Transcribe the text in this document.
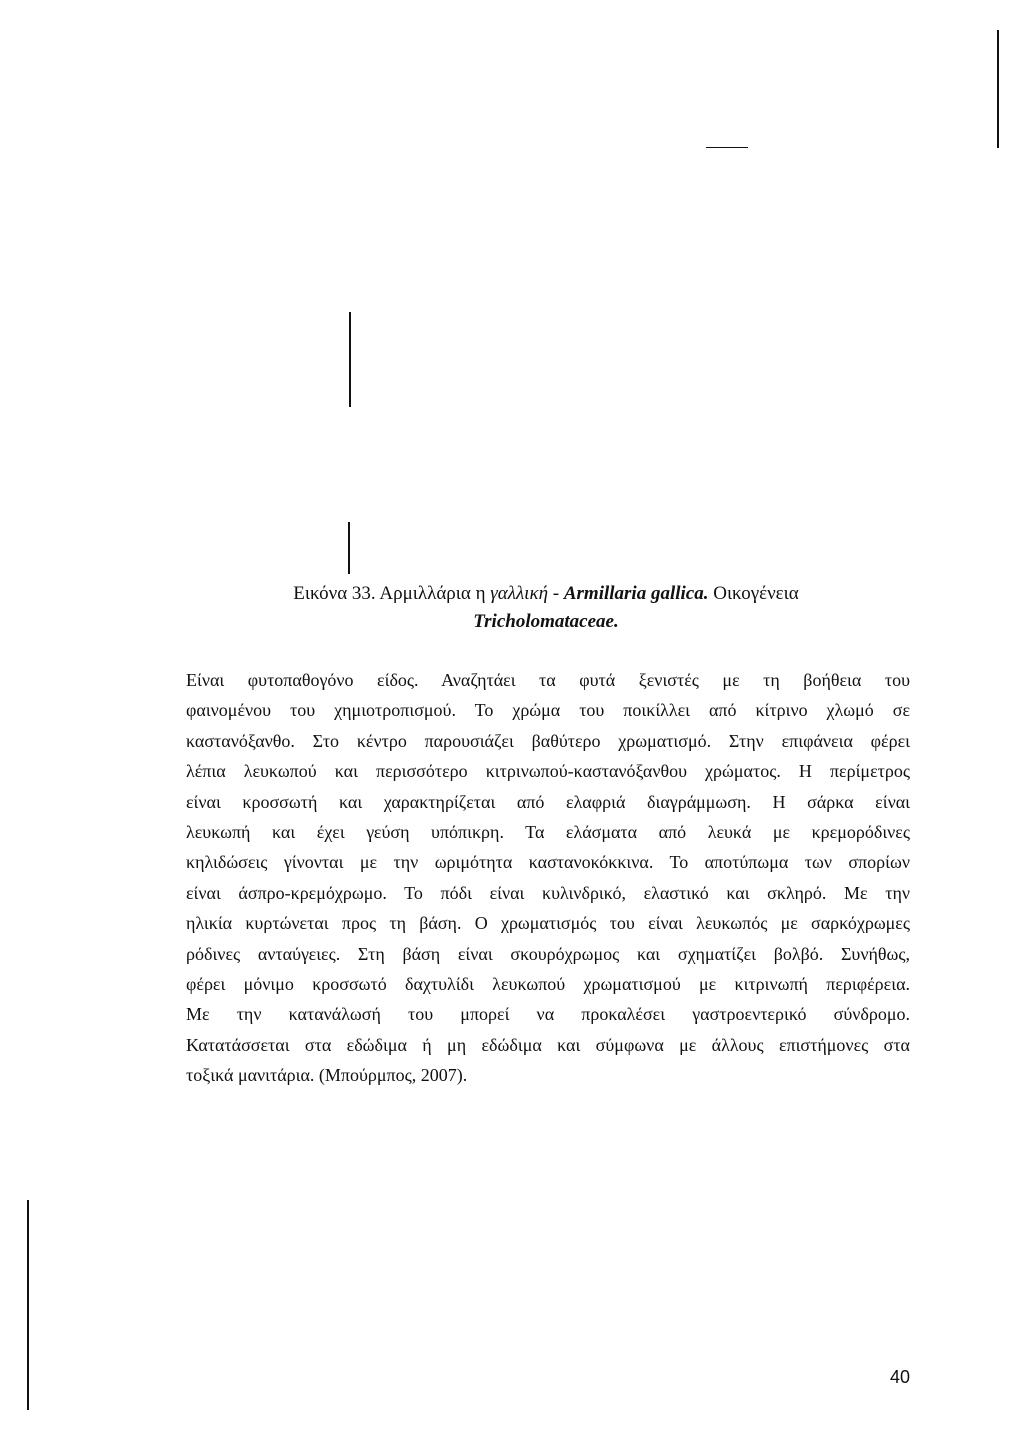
Εικόνα 33. Αρμιλλάρια η γαλλική - Armillaria gallica. Οικογένεια
Tricholomataceae.
Είναι φυτοπαθογόνο είδος. Αναζητάει τα φυτά ξενιστές με τη βοήθεια του
φαινομένου του χημιοτροπισμού. Το χρώμα του ποικίλλει από κίτρινο χλωμό σε
καστανόξανθο. Στο κέντρο παρουσιάζει βαθύτερο χρωματισμό. Στην επιφάνεια φέρει
λέπια λευκωπού και περισσότερο κιτρινωπού-καστανόξανθου χρώματος. Η περίμετρος
είναι κροσσωτή και χαρακτηρίζεται από ελαφριά διαγράμμωση. Η σάρκα είναι
λευκωπή και έχει γεύση υπόπικρη. Τα ελάσματα από λευκά με κρεμορόδινες
κηλιδώσεις γίνονται με την ωριμότητα καστανοκόκκινα. Το αποτύπωμα των σπορίων
είναι άσπρο-κρεμόχρωμο. Το πόδι είναι κυλινδρικό, ελαστικό και σκληρό. Με την
ηλικία κυρτώνεται προς τη βάση. Ο χρωματισμός του είναι λευκωπός με σαρκόχρωμες
ρόδινες ανταύγειες. Στη βάση είναι σκουρόχρωμος και σχηματίζει βολβό. Συνήθως,
φέρει μόνιμο κροσσωτό δαχτυλίδι λευκωπού χρωματισμού με κιτρινωπή περιφέρεια.
Με την κατανάλωσή του μπορεί να προκαλέσει γαστροεντερικό σύνδρομο.
Κατατάσσεται στα εδώδιμα ή μη εδώδιμα και σύμφωνα με άλλους επιστήμονες στα
τοξικά μανιτάρια. (Μπούρμπος, 2007).
40
